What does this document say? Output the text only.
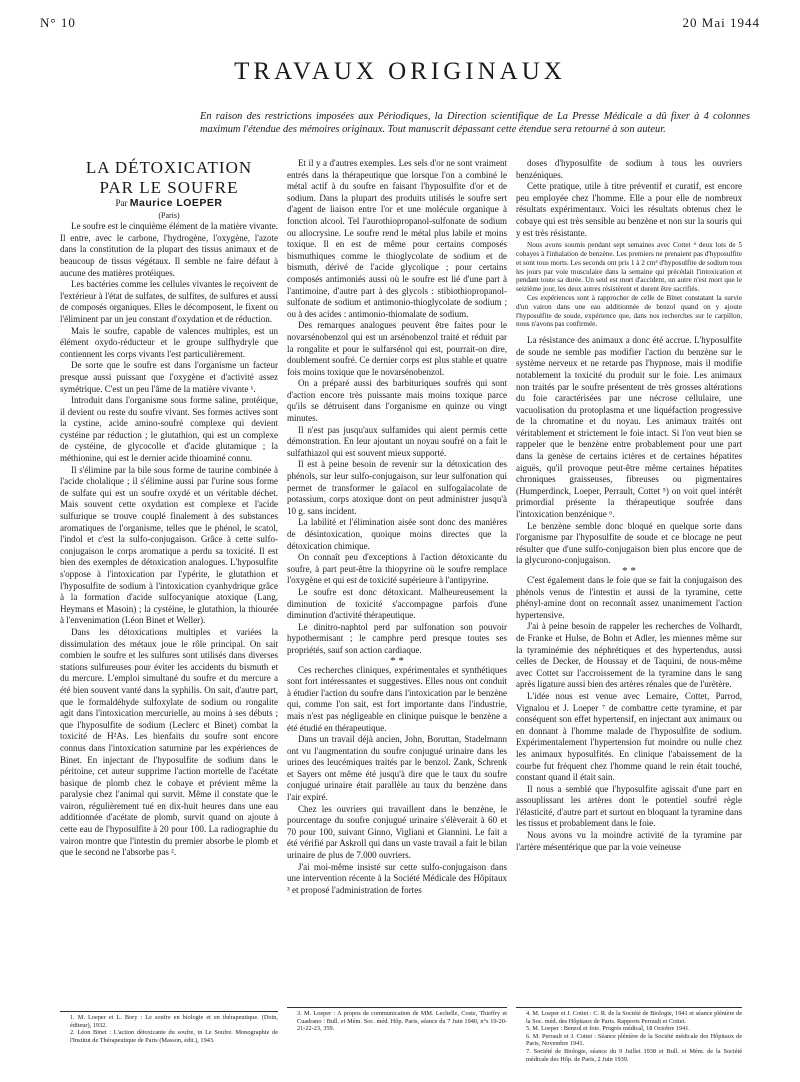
N° 10	20 Mai 1944
TRAVAUX ORIGINAUX
En raison des restrictions imposées aux Périodiques, la Direction scientifique de La Presse Médicale a dû fixer à 4 colonnes maximum l'étendue des mémoires originaux. Tout manuscrit dépassant cette étendue sera retourné à son auteur.

LA DÉTOXICATION
PAR LE SOUFRE

Par Maurice LOEPER

(Paris)

Le soufre est le cinquième élément de la matière vivante. Il entre, avec le carbone, l'hydrogène, l'oxygène, l'azote dans la constitution de la plupart des tissus animaux et de beaucoup de tissus végétaux. Il semble ne faire défaut à aucune des matières protéiques.

Les bactéries comme les cellules vivantes le reçoivent de l'extérieur à l'état de sulfates, de sulfites, de sulfures et aussi de composés organiques. Elles le décomposent, le fixent ou l'éliminent par un jeu constant d'oxydation et de réduction.

Mais le soufre, capable de valences multiples, est un élément oxydo-réducteur et le groupe sulfhydryle que contiennent les corps vivants l'est particulièrement.

De sorte que le soufre est dans l'organisme un facteur presque aussi puissant que l'oxygène et d'activité assez symétrique. C'est un peu l'âme de la matière vivante ¹.

Introduit dans l'organisme sous forme saline, protéique, il devient ou reste du soufre vivant. Ses formes actives sont la cystine, acide amino-soufré complexe qui devient cystéine par réduction ; le glutathion, qui est un complexe de cystéine, de glycocolle et d'acide glutamique ; la méthionine, qui est le dernier acide thioaminé connu.

Il s'élimine par la bile sous forme de taurine combinée à l'acide cholalique ; il s'élimine aussi par l'urine sous forme de sulfate qui est un soufre oxydé et un véritable déchet. Mais souvent cette oxydation est complexe et l'acide sulfurique se trouve couplé finalement à des substances aromatiques de l'organisme, telles que le phénol, le scatol, l'indol et c'est la sulfo-conjugaison. Grâce à cette sulfo-conjugaison le corps aromatique a perdu sa toxicité. Il est bien des exemples de détoxication analogues. L'hyposulfite s'oppose à l'intoxication par l'ypérite, le glutathion et l'hyposulfite de sodium à l'intoxication cyanhydrique grâce à la formation d'acide sulfocyanique atoxique (Lang, Heymans et Masoin) ; la cystéine, le glutathion, la thiourée à l'envenimation (Léon Binet et Weller).

Dans les détoxications multiples et variées la dissimulation des métaux joue le rôle principal. On sait combien le soufre et les sulfures sont utilisés dans diverses stations sulfureuses pour éviter les accidents du bismuth et du mercure. L'emploi simultané du soufre et du mercure a été bien souvent vanté dans la syphilis. On sait, d'autre part, que le formaldéhyde sulfoxylate de sodium ou rongalite agit dans l'intoxication mercurielle, au moins à ses débuts ; que l'hyposulfite de sodium (Leclerc et Binet) combat la toxicité de H²As. Les bienfaits du soufre sont encore connus dans l'intoxication saturnine par les expériences de Binet. En injectant de l'hyposulfite de sodium dans le péritoine, cet auteur supprime l'action mortelle de l'acétate basique de plomb chez le cobaye et prévient même la paralysie chez l'animal qui survit. Même il constate que le vairon, régulièrement tué en dix-huit heures dans une eau additionnée d'acétate de plomb, survit quand on ajoute à cette eau de l'hyposulfite à 20 pour 100. La radiographie du vairon montre que l'intestin du premier absorbe le plomb et que le second ne l'absorbe pas ².

1. M. Loeper et L. Bory : Le soufre en biologie et en thérapeutique. (Doin, éditeur), 1932.

2. Léon Binet : L'action détoxicante du soufre, in Le Soufre. Monographie de l'Institut de Thérapeutique de Paris (Masson, édit.), 1943.

Et il y a d'autres exemples. Les sels d'or ne sont vraiment entrés dans la thérapeutique que lorsque l'on a combiné le métal actif à du soufre en faisant l'hyposulfite d'or et de sodium. Dans la plupart des produits utilisés le soufre sert d'agent de liaison entre l'or et une molécule organique à fonction alcool. Tel l'aurothiopropanol-sulfonate de sodium ou allocrysine. Le soufre rend le métal plus labile et moins toxique. Il en est de même pour certains composés bismuthiques comme le thioglycolate de sodium et de bismuth, dérivé de l'acide glycolique ; pour certains composés antimoniés aussi où le soufre est lié d'une part à l'antimoine, d'autre part à des glycols : stibiothiopropanol-sulfonate de sodium et antimonio-thioglycolate de sodium ; ou à des acides : antimonio-thiomalate de sodium.

Des remarques analogues peuvent être faites pour le novarsénobenzol qui est un arsénobenzol traité et réduit par la rongalite et pour le sulfarsénol qui est, pourrait-on dire, doublement soufré. Ce dernier corps est plus stable et quatre fois moins toxique que le novarsénobenzol.

On a préparé aussi des barbituriques soufrés qui sont d'action encore très puissante mais moins toxique parce qu'ils se détruisent dans l'organisme en quinze ou vingt minutes.

Il n'est pas jusqu'aux sulfamides qui aient permis cette démonstration. En leur ajoutant un noyau soufré on a fait le sulfathiazol qui est souvent mieux supporté.

Il est à peine besoin de revenir sur la détoxication des phénols, sur leur sulfo-conjugaison, sur leur sulfonation qui permet de transformer le gaïacol en sulfogaïacolate de potassium, corps atoxique dont on peut administrer jusqu'à 10 g. sans incident.

La labilité et l'élimination aisée sont donc des manières de désintoxication, quoique moins directes que la détoxication chimique.

On connaît peu d'exceptions à l'action détoxicante du soufre, à part peut-être la thiopyrine où le soufre remplace l'oxygène et qui est de toxicité supérieure à l'antipyrine.

Le soufre est donc détoxicant. Malheureusement la diminution de toxicité s'accompagne parfois d'une diminution d'activité thérapeutique.

Le dinitro-naphtol perd par sulfonation son pouvoir hypothermisant ; le camphre perd presque toutes ses propriétés, sauf son action cardiaque.

* *

Ces recherches cliniques, expérimentales et synthétiques sont fort intéressantes et suggestives. Elles nous ont conduit à étudier l'action du soufre dans l'intoxication par le benzène qui, comme l'on sait, est fort importante dans l'industrie, mais n'est pas négligeable en clinique puisque le benzène a été étudié en thérapeutique.

Dans un travail déjà ancien, John, Boruttan, Stadelmann ont vu l'augmentation du soufre conjugué urinaire dans les urines des leucémiques traités par le benzol. Zank, Schrenk et Sayers ont même été jusqu'à dire que le taux du soufre conjugué urinaire était parallèle au taux du benzène dans l'air expiré.

Chez les ouvriers qui travaillent dans le benzène, le pourcentage du soufre conjugué urinaire s'élèverait à 60 et 70 pour 100, suivant Ginno, Vigliani et Giannini. Le fait a été vérifié par Askroll qui dans un vaste travail a fait le bilan urinaire de plus de 7.000 ouvriers.

J'ai moi-même insisté sur cette sulfo-conjugaison dans une intervention récente à la Société Médicale des Hôpitaux ³ et proposé l'administration de fortes

3. M. Loeper : A propos de communication de MM. Lechelle, Coste, Thieffry et Cuadrano : Bull. et Mém. Soc. méd. Hôp. Paris, séance du 7 Juin 1940, n°s 19-20-21-22-23, 359.

doses d'hyposulfite de sodium à tous les ouvriers benzéniques.

Cette pratique, utile à titre préventif et curatif, est encore peu employée chez l'homme. Elle a pour elle de nombreux résultats expérimentaux. Voici les résultats obtenus chez le cobaye qui est très sensible au benzène et non sur la souris qui y est très résistante.

Nous avons soumis pendant sept semaines avec Cottet ⁴ deux lots de 5 cobayes à l'inhalation de benzène. Les premiers ne prenaient pas d'hyposulfite et sont tous morts. Les seconds ont pris 1 à 2 cm³ d'hyposulfite de sodium tous les jours par voie musculaire dans la semaine qui précédait l'intoxication et pendant toute sa durée. Un seul est mort d'accident, un autre n'est mort que le seizième jour, les deux autres résistèrent et durent être sacrifiés.

Ces expériences sont à rapprocher de celle de Binet constatant la survie d'un vairon dans une eau additionnée de benzol quand on y ajoute l'hyposulfite de soude, expérience que, dans nos recherches sur le carpillon, nous n'avons pas confirmée.

La résistance des animaux a donc été accrue. L'hyposulfite de soude ne semble pas modifier l'action du benzène sur le système nerveux et ne retarde pas l'hypnose, mais il modifie notablement la toxicité du produit sur le foie. Les animaux non traités par le soufre présentent de très grosses altérations du foie caractérisées par une nécrose cellulaire, une vacuolisation du protoplasma et une liquéfaction progressive de la chromatine et du noyau. Les animaux traités ont véritablement et strictement le foie intact. Si l'on veut bien se rappeler que le benzène entre probablement pour une part dans la genèse de certains ictères et de certaines hépatites aiguës, qu'il provoque peut-être même certaines hépatites chroniques graisseuses, fibreuses ou pigmentaires (Humperdinck, Loeper, Perrault, Cottet ⁵) on voit quel intérêt primordial présente la thérapeutique soufrée dans l'intoxication benzénique ⁶.

Le benzène semble donc bloqué en quelque sorte dans l'organisme par l'hyposulfite de soude et ce blocage ne peut résulter que d'une sulfo-conjugaison bien plus encore que de la glycurono-conjugaison.

* *

C'est également dans le foie que se fait la conjugaison des phénols venus de l'intestin et aussi de la tyramine, cette phényl-amine dont on reconnaît assez unanimement l'action hypertensive.

J'ai à peine besoin de rappeler les recherches de Volhardt, de Franke et Hulse, de Bohn et Adler, les miennes même sur la tyraminémie des néphrétiques et des hypertendus, aussi celles de Decker, de Houssay et de Taquini, de nous-même avec Cottet sur l'accroissement de la tyramine dans le sang après ligature aussi bien des artères rénales que de l'urètère.

L'idée nous est venue avec Lemaire, Cottet, Parrod, Vignalou et J. Loeper ⁷ de combattre cette tyramine, et par conséquent son effet hypertensif, en injectant aux animaux ou en donnant à l'homme malade de l'hyposulfite de sodium. Expérimentalement l'hypertension fut moindre ou nulle chez les animaux hyposulfités. En clinique l'abaissement de la courbe fut fréquent chez l'homme quand le rein était touché, constant quand il était sain.

Il nous a semblé que l'hyposulfite agissait d'une part en assouplissant les artères dont le potentiel soufré règle l'élasticité, d'autre part et surtout en bloquant la tyramine dans les tissus et probablement dans le foie.

Nous avons vu la moindre activité de la tyramine par l'artère mésentérique que par la voie veineuse

4. M. Loeper et J. Cottet : C. R. de la Société de Biologie, 1941 et séance plénière de la Soc. méd. des Hôpitaux de Paris. Rapports Perrault et Cottet.

5. M. Loeper : Benzol et foie. Progrès médical, 18 Octobre 1941.

6. M. Perrault et J. Cottet : Séance plénière de la Société médicale des Hôpitaux de Paris, Novembre 1941.

7. Société de Biologie, séance du 9 Juillet 1938 et Bull. et Mém. de la Société médicale des Hôp. de Paris, 2 Juin 1939.
